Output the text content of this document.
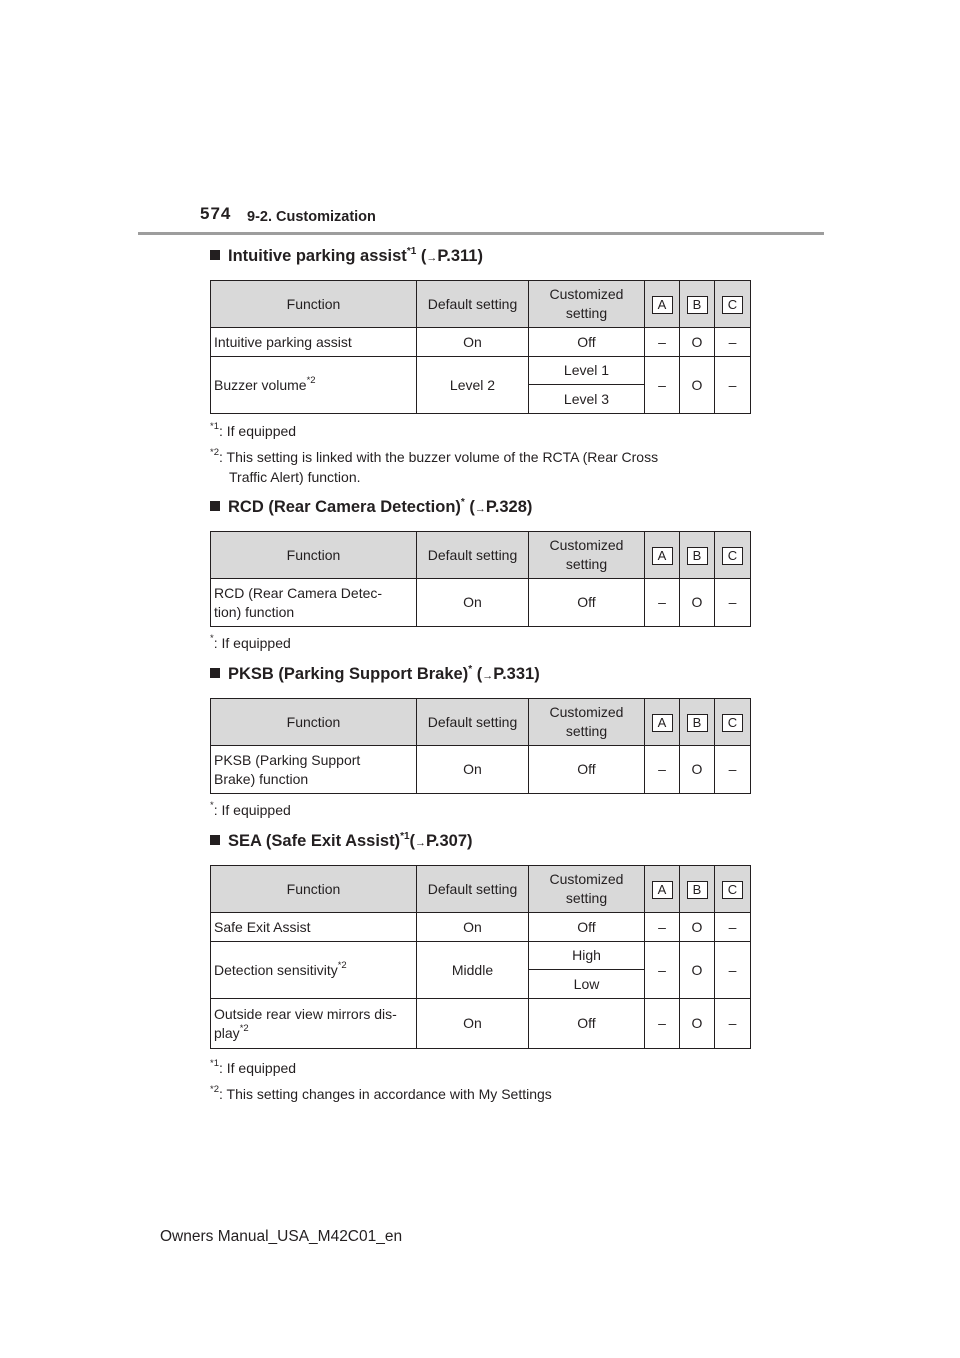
574 9-2. Customization
Intuitive parking assist$^{*1}$ (→P.311)
Function	Default setting	Customized setting	A	B	C
Intuitive parking assist	On	Off	–	O	–
Buzzer volume$^{*2}$	Level 2	Level 1	–	O	–
		Level 3			
$^{*1}$: If equipped
$^{*2}$: This setting is linked with the buzzer volume of the RCTA (Rear Cross
Traffic Alert) function.
RCD (Rear Camera Detection)* (→P.328)
Function	Default setting	Customized setting	A	B	C
RCD (Rear Camera Detec-
tion) function	On	Off	–	O	–
*: If equipped
PKSB (Parking Support Brake)* (→P.331)
Function	Default setting	Customized setting	A	B	C
PKSB (Parking Support
Brake) function	On	Off	–	O	–
*: If equipped
SEA (Safe Exit Assist)$^{*1}$(→P.307)
Function	Default setting	Customized setting	A	B	C
Safe Exit Assist	On	Off	–	O	–
Detection sensitivity$^{*2}$	Middle	High	–	O	–
		Low			
Outside rear view mirrors dis-
play$^{*2}$	On	Off	–	O	–
$^{*1}$: If equipped
$^{*2}$: This setting changes in accordance with My Settings
Owners Manual_USA_M42C01_en
